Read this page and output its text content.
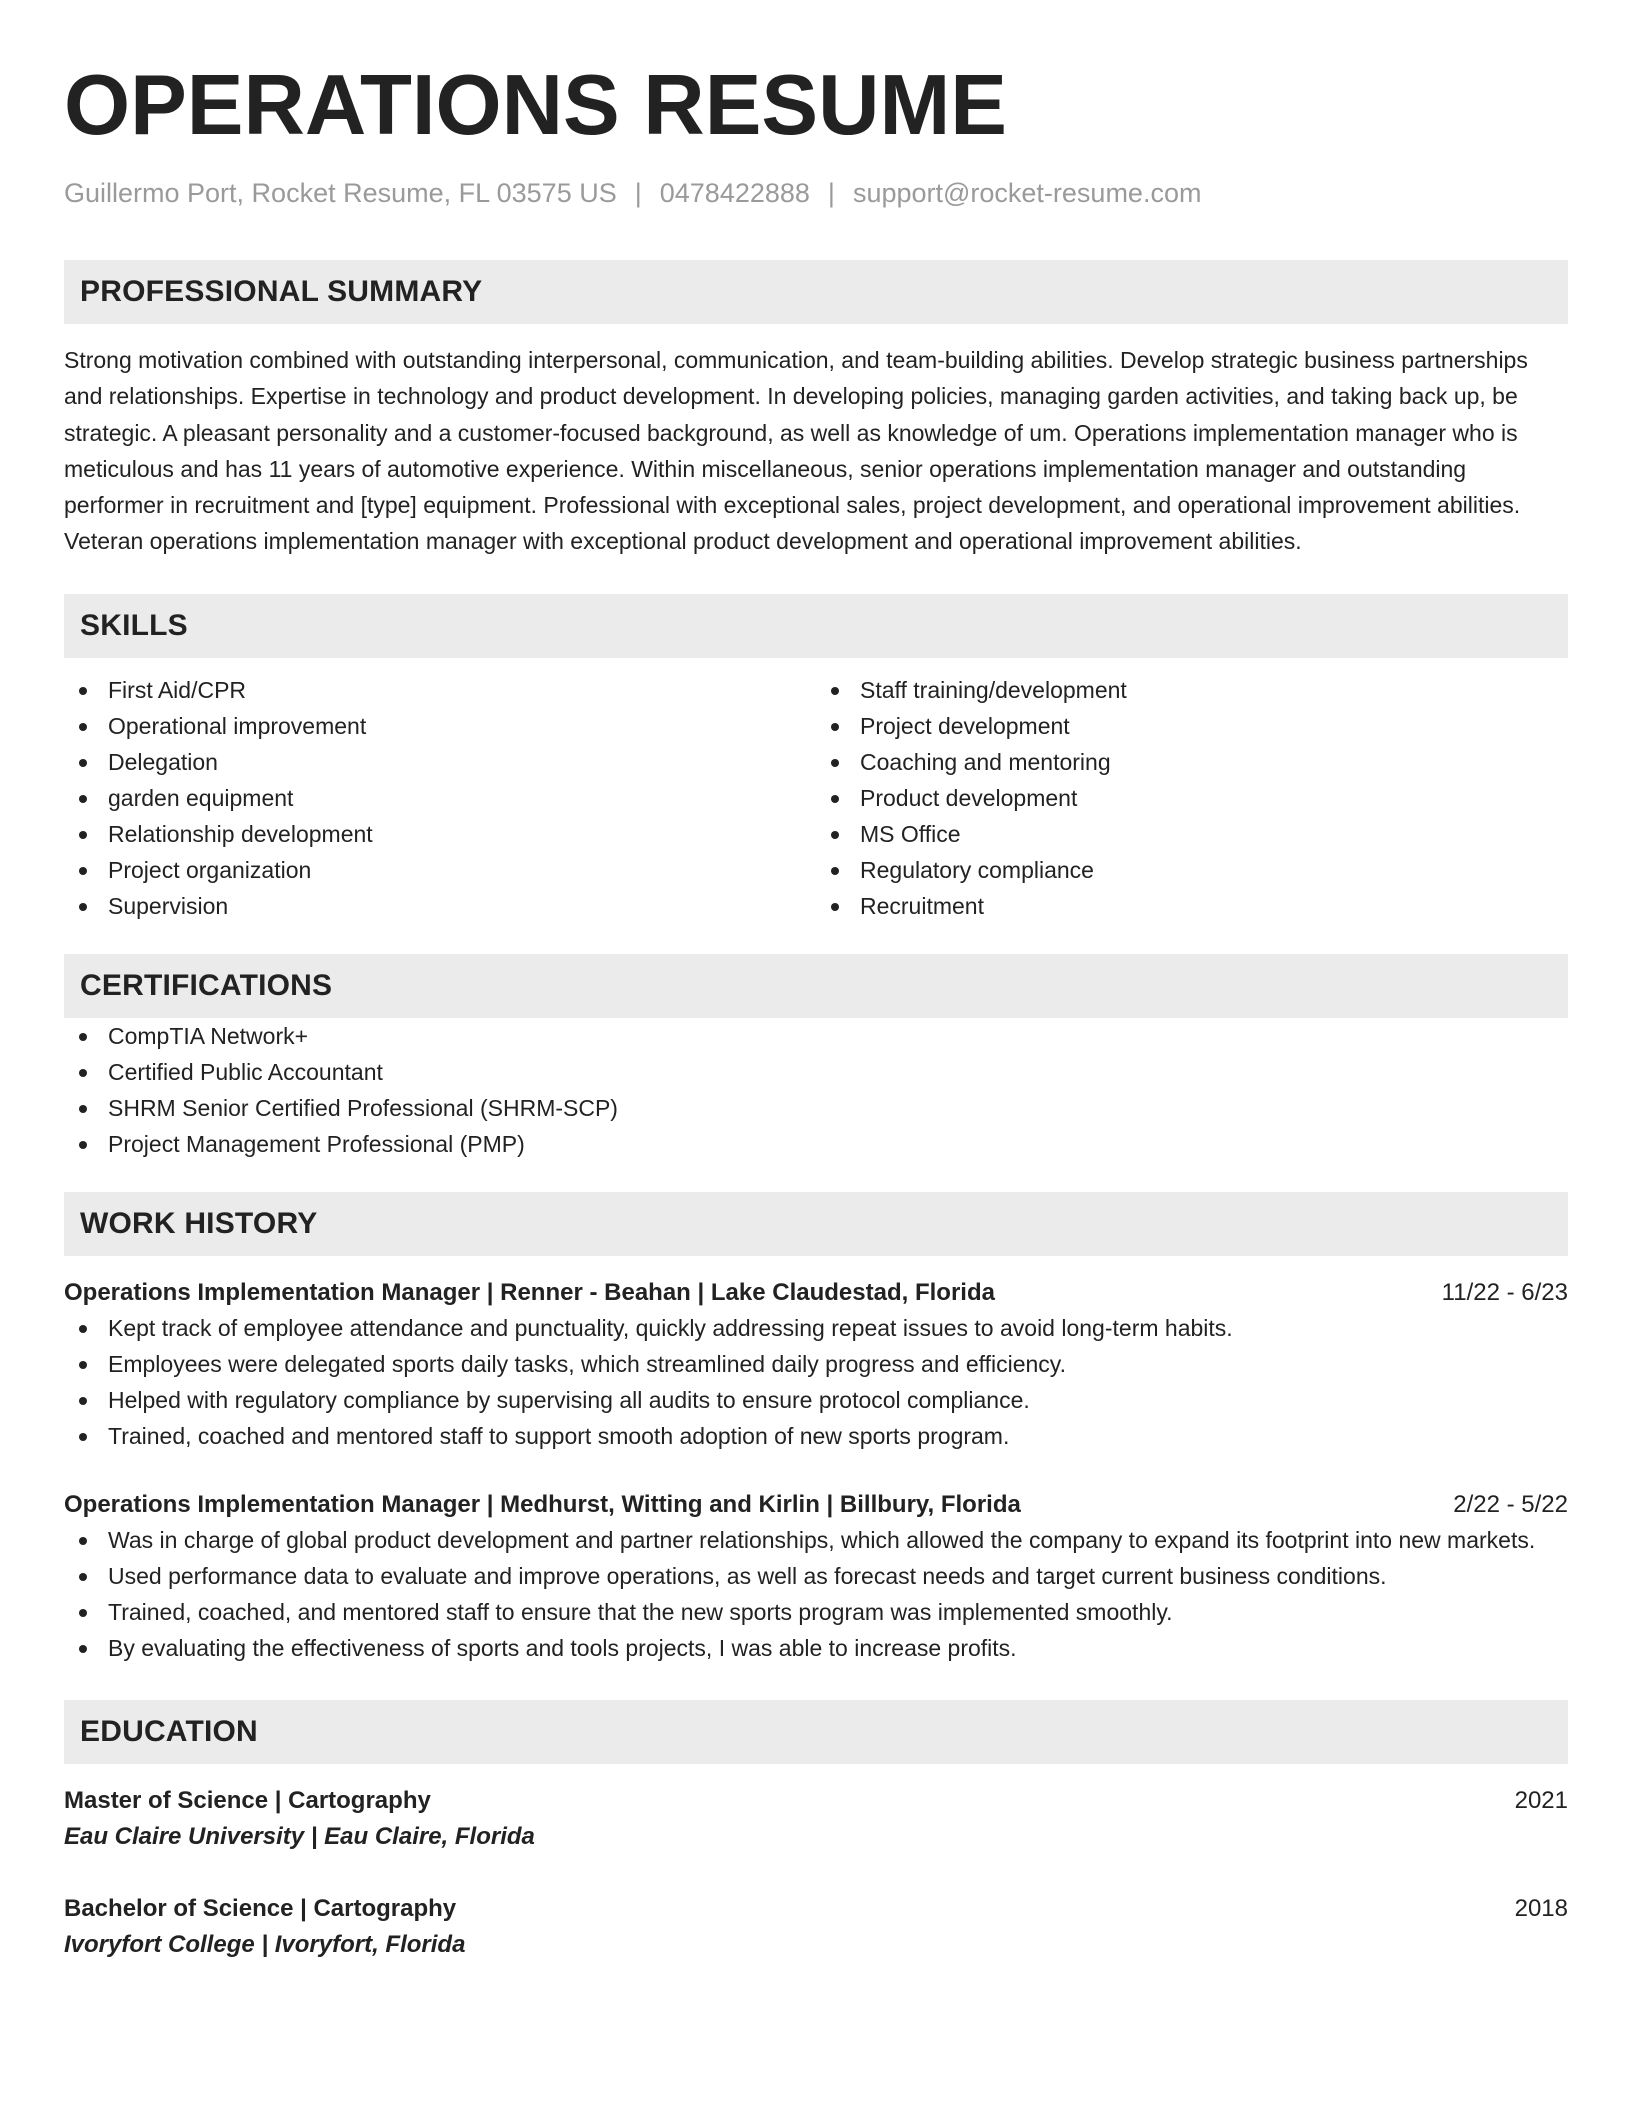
OPERATIONS RESUME
Guillermo Port, Rocket Resume, FL 03575 US | 0478422888 | support@rocket-resume.com
PROFESSIONAL SUMMARY

Strong motivation combined with outstanding interpersonal, communication, and team-building abilities. Develop strategic business partnerships and relationships. Expertise in technology and product development. In developing policies, managing garden activities, and taking back up, be strategic. A pleasant personality and a customer-focused background, as well as knowledge of um. Operations implementation manager who is meticulous and has 11 years of automotive experience. Within miscellaneous, senior operations implementation manager and outstanding performer in recruitment and [type] equipment. Professional with exceptional sales, project development, and operational improvement abilities. Veteran operations implementation manager with exceptional product development and operational improvement abilities.

SKILLS
First Aid/CPR
Operational improvement
Delegation
garden equipment
Relationship development
Project organization
Supervision
Staff training/development
Project development
Coaching and mentoring
Product development
MS Office
Regulatory compliance
Recruitment
CERTIFICATIONS
CompTIA Network+
Certified Public Accountant
SHRM Senior Certified Professional (SHRM-SCP)
Project Management Professional (PMP)
WORK HISTORY
Operations Implementation Manager | Renner - Beahan | Lake Claudestad, Florida	11/22 - 6/23
Kept track of employee attendance and punctuality, quickly addressing repeat issues to avoid long-term habits.
Employees were delegated sports daily tasks, which streamlined daily progress and efficiency.
Helped with regulatory compliance by supervising all audits to ensure protocol compliance.
Trained, coached and mentored staff to support smooth adoption of new sports program.
Operations Implementation Manager | Medhurst, Witting and Kirlin | Billbury, Florida	2/22 - 5/22
Was in charge of global product development and partner relationships, which allowed the company to expand its footprint into new markets.
Used performance data to evaluate and improve operations, as well as forecast needs and target current business conditions.
Trained, coached, and mentored staff to ensure that the new sports program was implemented smoothly.
By evaluating the effectiveness of sports and tools projects, I was able to increase profits.
EDUCATION
Master of Science | Cartography	2021
Eau Claire University | Eau Claire, Florida
Bachelor of Science | Cartography	2018
Ivoryfort College | Ivoryfort, Florida
